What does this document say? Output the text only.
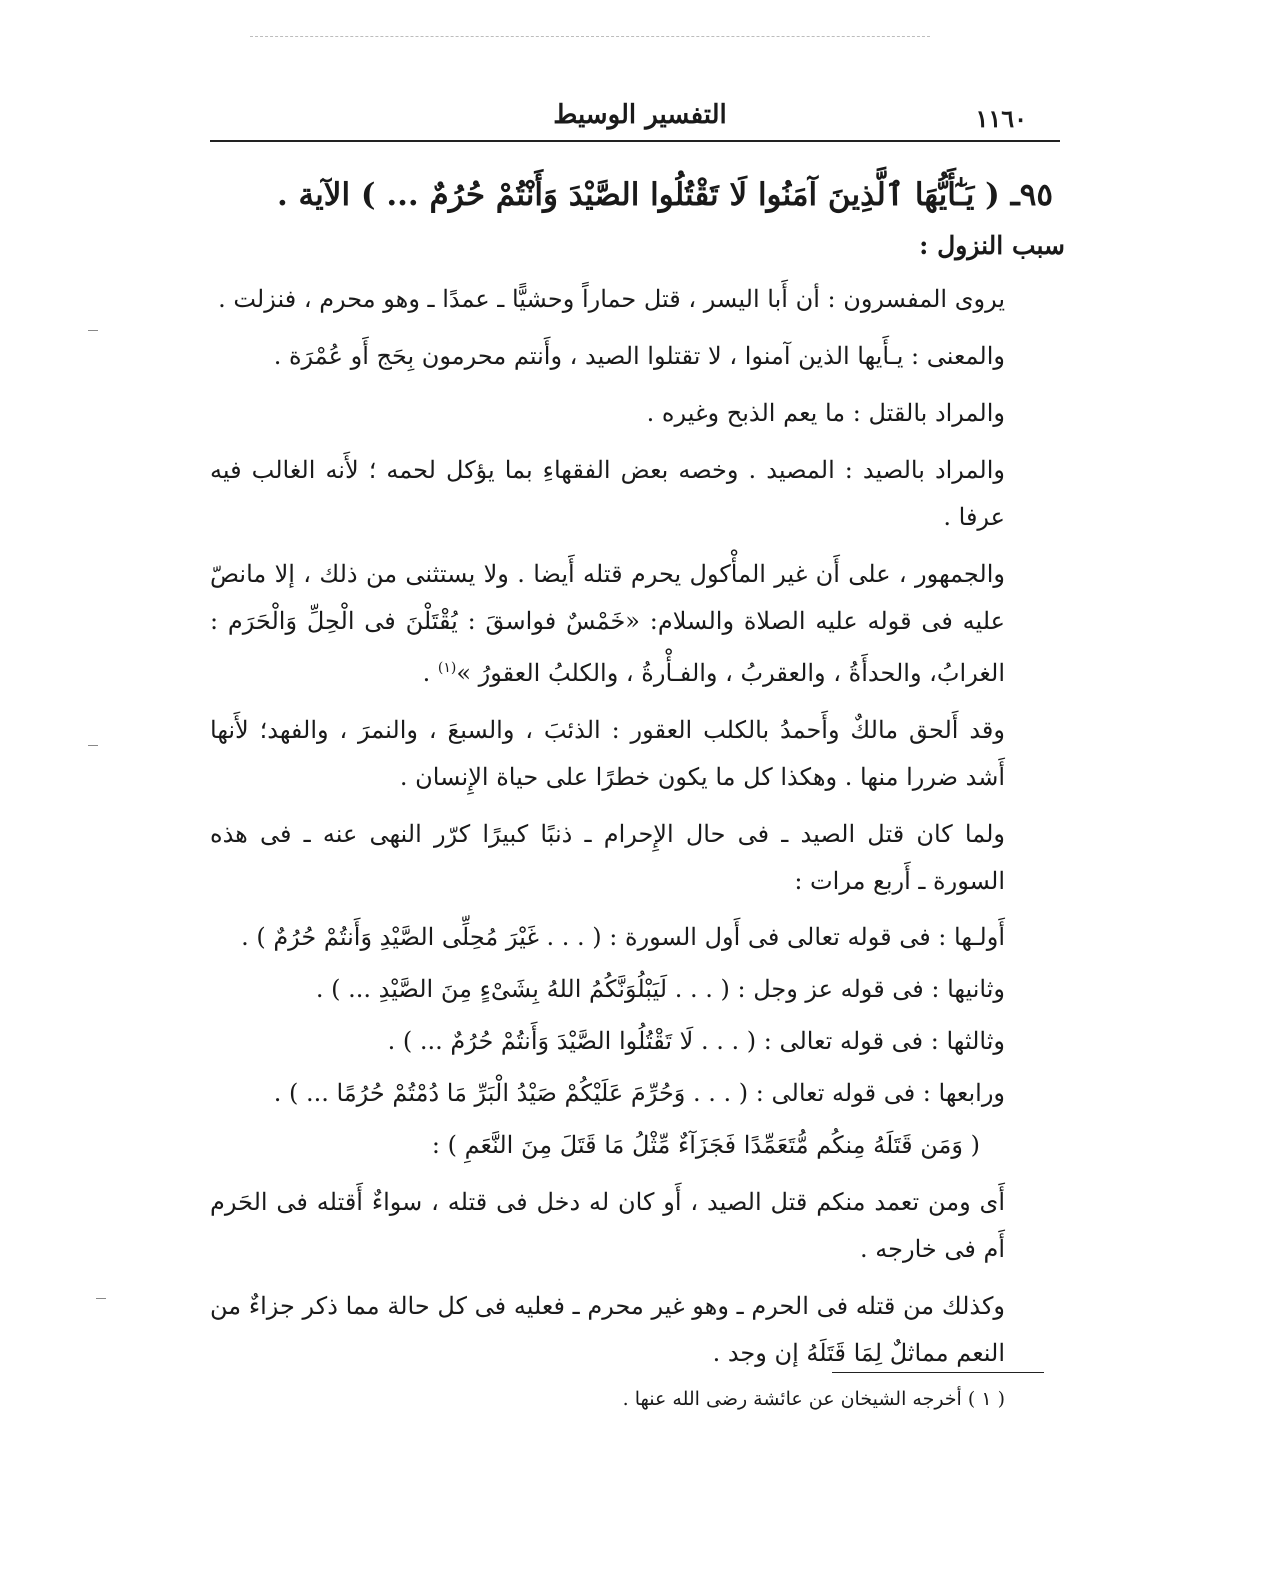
١١٦٠
التفسير الوسيط
٩٥ـ ( يَـٰٓأَيُّهَا ٱلَّذِينَ آمَنُوا لَا تَقْتُلُوا الصَّيْدَ وَأَنْتُمْ حُرُمٌ ... ) الآية .
سبب النزول :

يروى المفسرون : أن أَبا اليسر ، قتل حماراً وحشيًّا ـ عمدًا ـ وهو محرم ، فنزلت .

والمعنى : يـأَيها الذين آمنوا ، لا تقتلوا الصيد ، وأَنتم محرمون بِحَج أَو عُمْرَة .

والمراد بالقتل : ما يعم الذبح وغيره .

والمراد بالصيد : المصيد . وخصه بعض الفقهاءِ بما يؤكل لحمه ؛ لأَنه الغالب فيه عرفا .

والجمهور ، على أَن غير المأْكول يحرم قتله أَيضا . ولا يستثنى من ذلك ، إلا مانصّ عليه فى قوله عليه الصلاة والسلام: «خَمْسٌ فواسقَ : يُقْتَلْنَ فى الْحِلِّ وَالْحَرَم : الغرابُ، والحدأَةُ ، والعقربُ ، والفـأْرةُ ، والكلبُ العقورُ »$^{(١)}$ .

وقد أَلحق مالكٌ وأَحمدُ بالكلب العقور : الذئبَ ، والسبعَ ، والنمرَ ، والفهد؛ لأَنها أَشد ضررا منها . وهكذا كل ما يكون خطرًا على حياة الإِنسان .

ولما كان قتل الصيد ـ فى حال الإِحرام ـ ذنبًا كبيرًا كرّر النهى عنه ـ فى هذه السورة ـ أَربع مرات :

أَولـها : فى قوله تعالى فى أَول السورة : ( . . . غَيْرَ مُحِلِّى الصَّيْدِ وَأَنتُمْ حُرُمٌ ) .
وثانيها : فى قوله عز وجل : ( . . . لَيَبْلُوَنَّكُمُ اللهُ بِشَىْءٍ مِنَ الصَّيْدِ ... ) .
وثالثها : فى قوله تعالى : ( . . . لَا تَقْتُلُوا الصَّيْدَ وَأَنتُمْ حُرُمٌ ... ) .
ورابعها : فى قوله تعالى : ( . . . وَحُرِّمَ عَلَيْكُمْ صَيْدُ الْبَرِّ مَا دُمْتُمْ حُرُمًا ... ) .
( وَمَن قَتَلَهُ مِنكُم مُّتَعَمِّدًا فَجَزَآءٌ مِّثْلُ مَا قَتَلَ مِنَ النَّعَمِ ) :

أَى ومن تعمد منكم قتل الصيد ، أَو كان له دخل فى قتله ، سواءٌ أَقتله فى الحَرم أَم فى خارجه .

وكذلك من قتله فى الحرم ـ وهو غير محرم ـ فعليه فى كل حالة مما ذكر جزاءٌ من النعم مماثلٌ لِمَا قَتَلَهُ إن وجد .

( ١ ) أخرجه الشيخان عن عائشة رضى الله عنها .
